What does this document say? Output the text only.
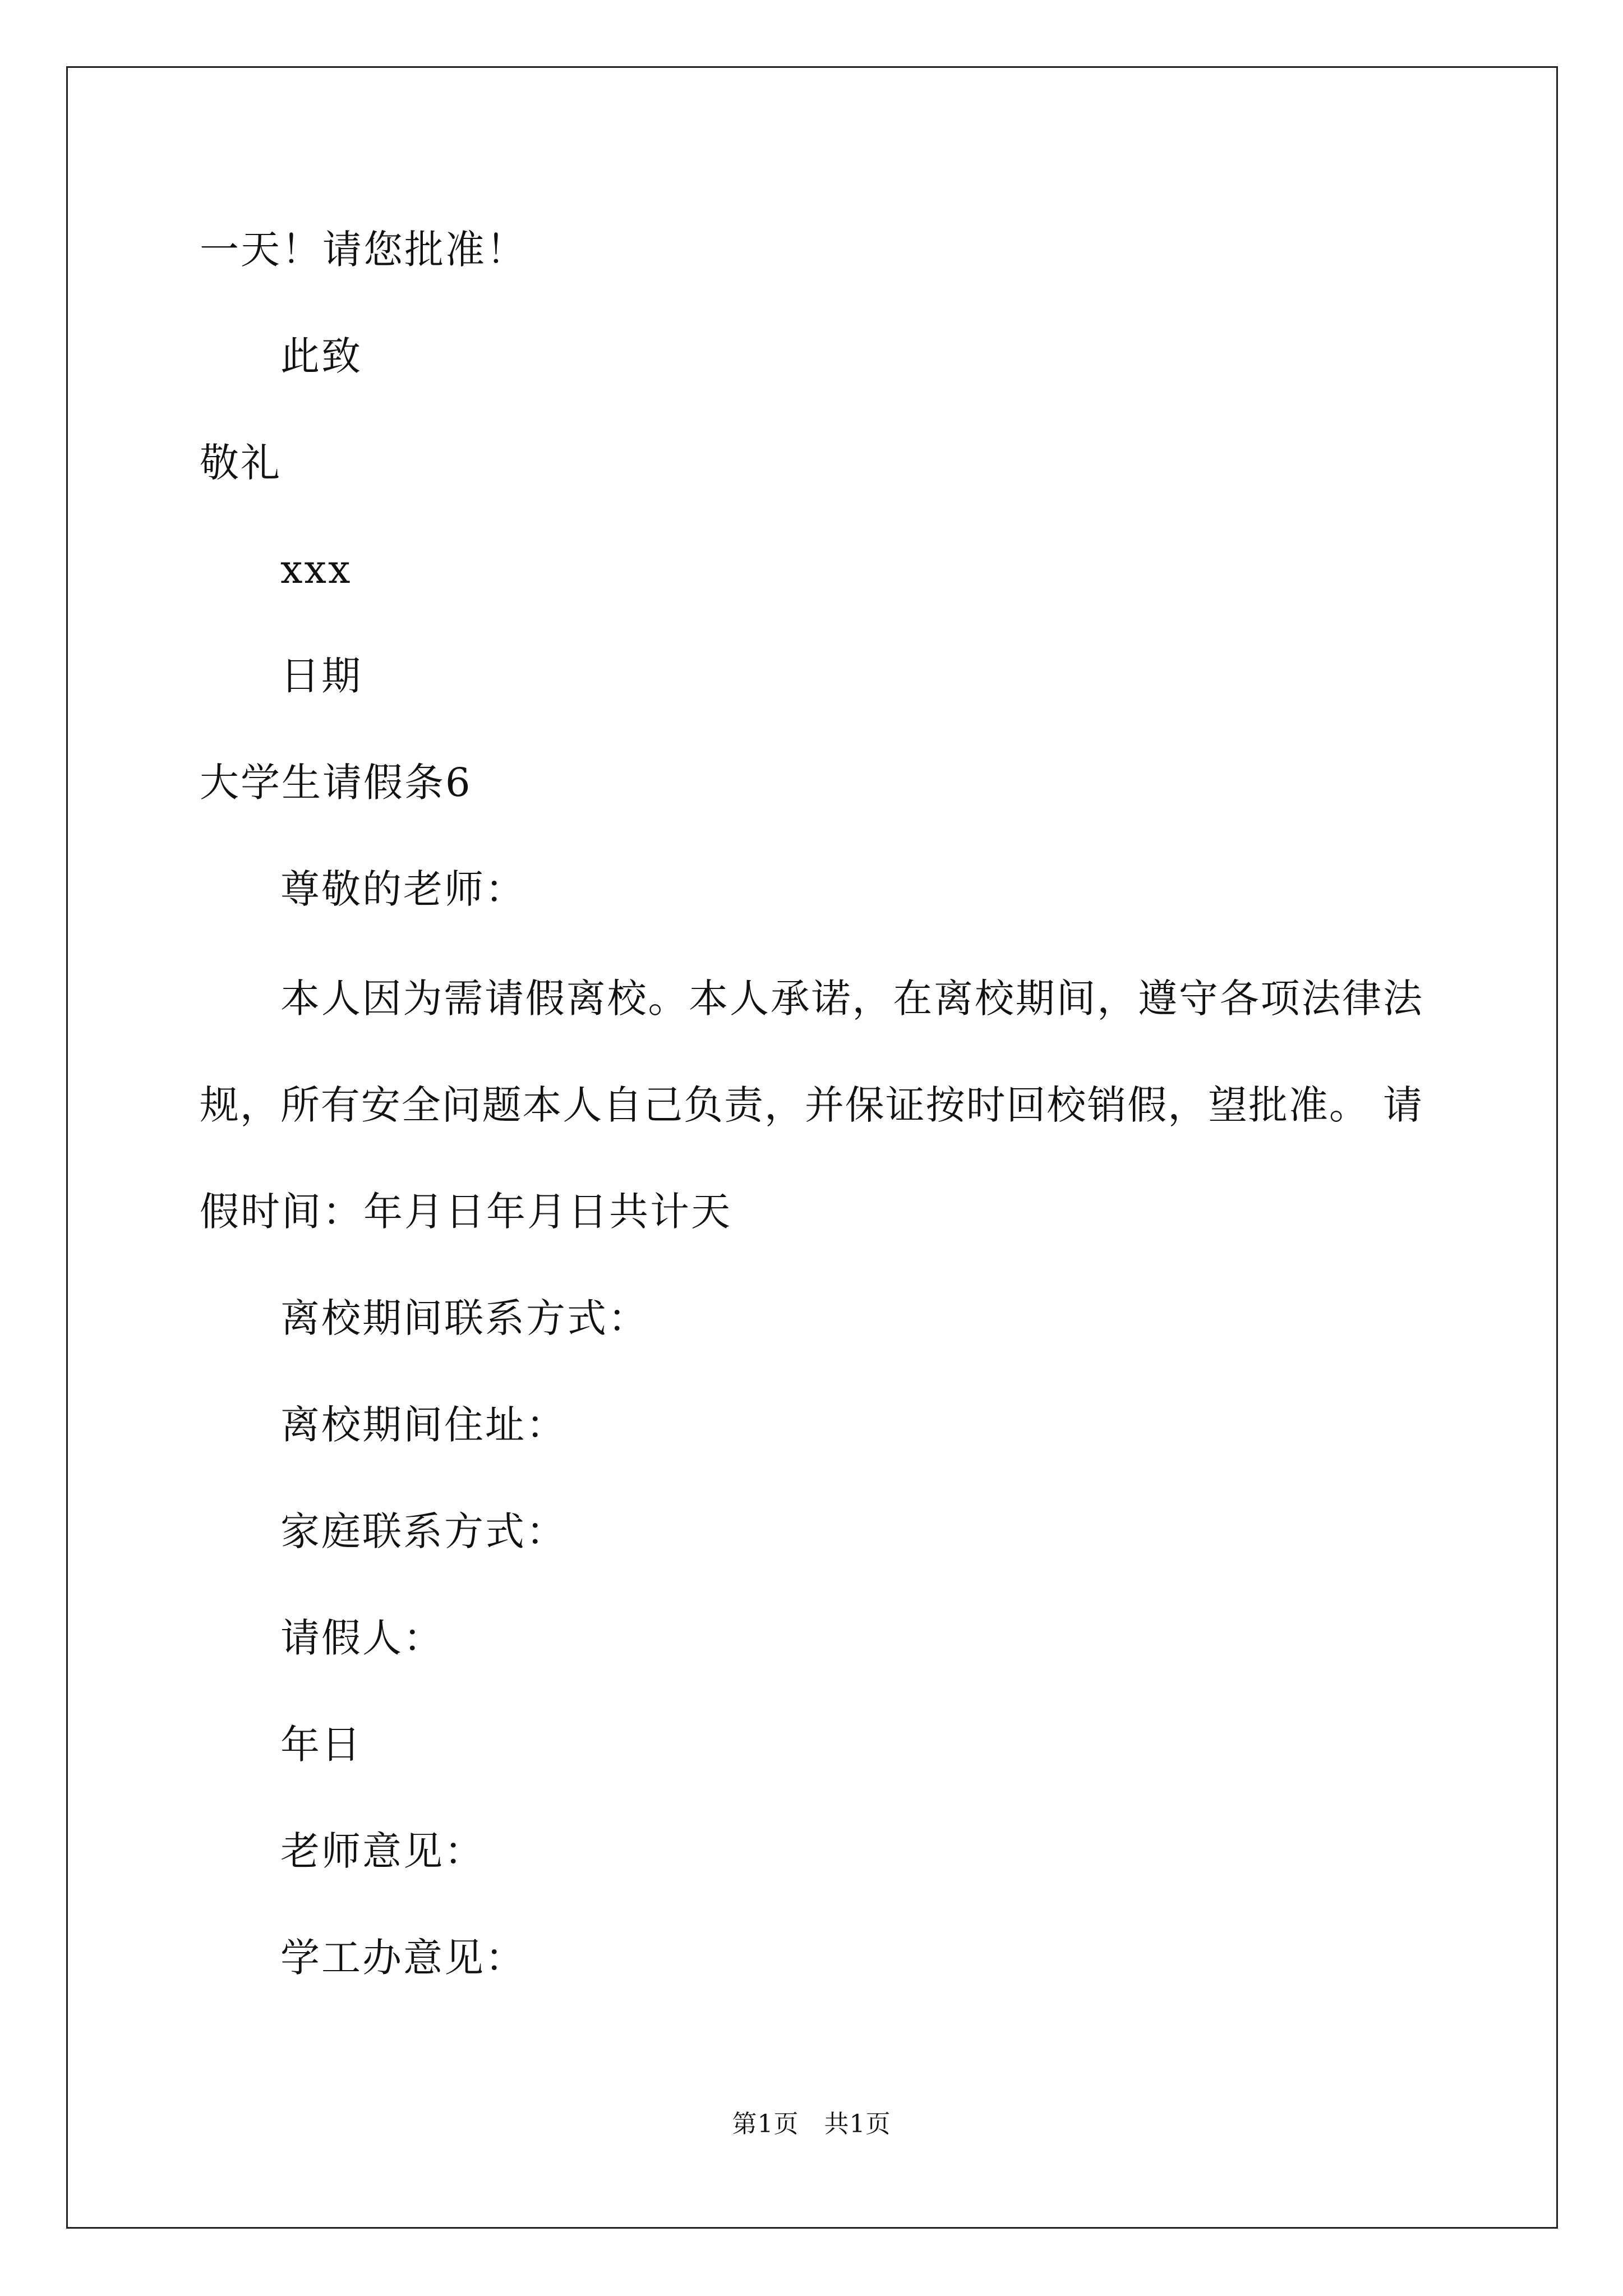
一天！请您批准！
此致
敬礼
xxx
日期
大学生请假条6
尊敬的老师：
本人因为需请假离校。本人承诺，在离校期间，遵守各项法律法
规，所有安全问题本人自己负责，并保证按时回校销假，望批准。 请
假时间：年月日年月日共计天
离校期间联系方式：
离校期间住址：
家庭联系方式：
请假人：
年日
老师意见：
学工办意见：
第1页　共1页
